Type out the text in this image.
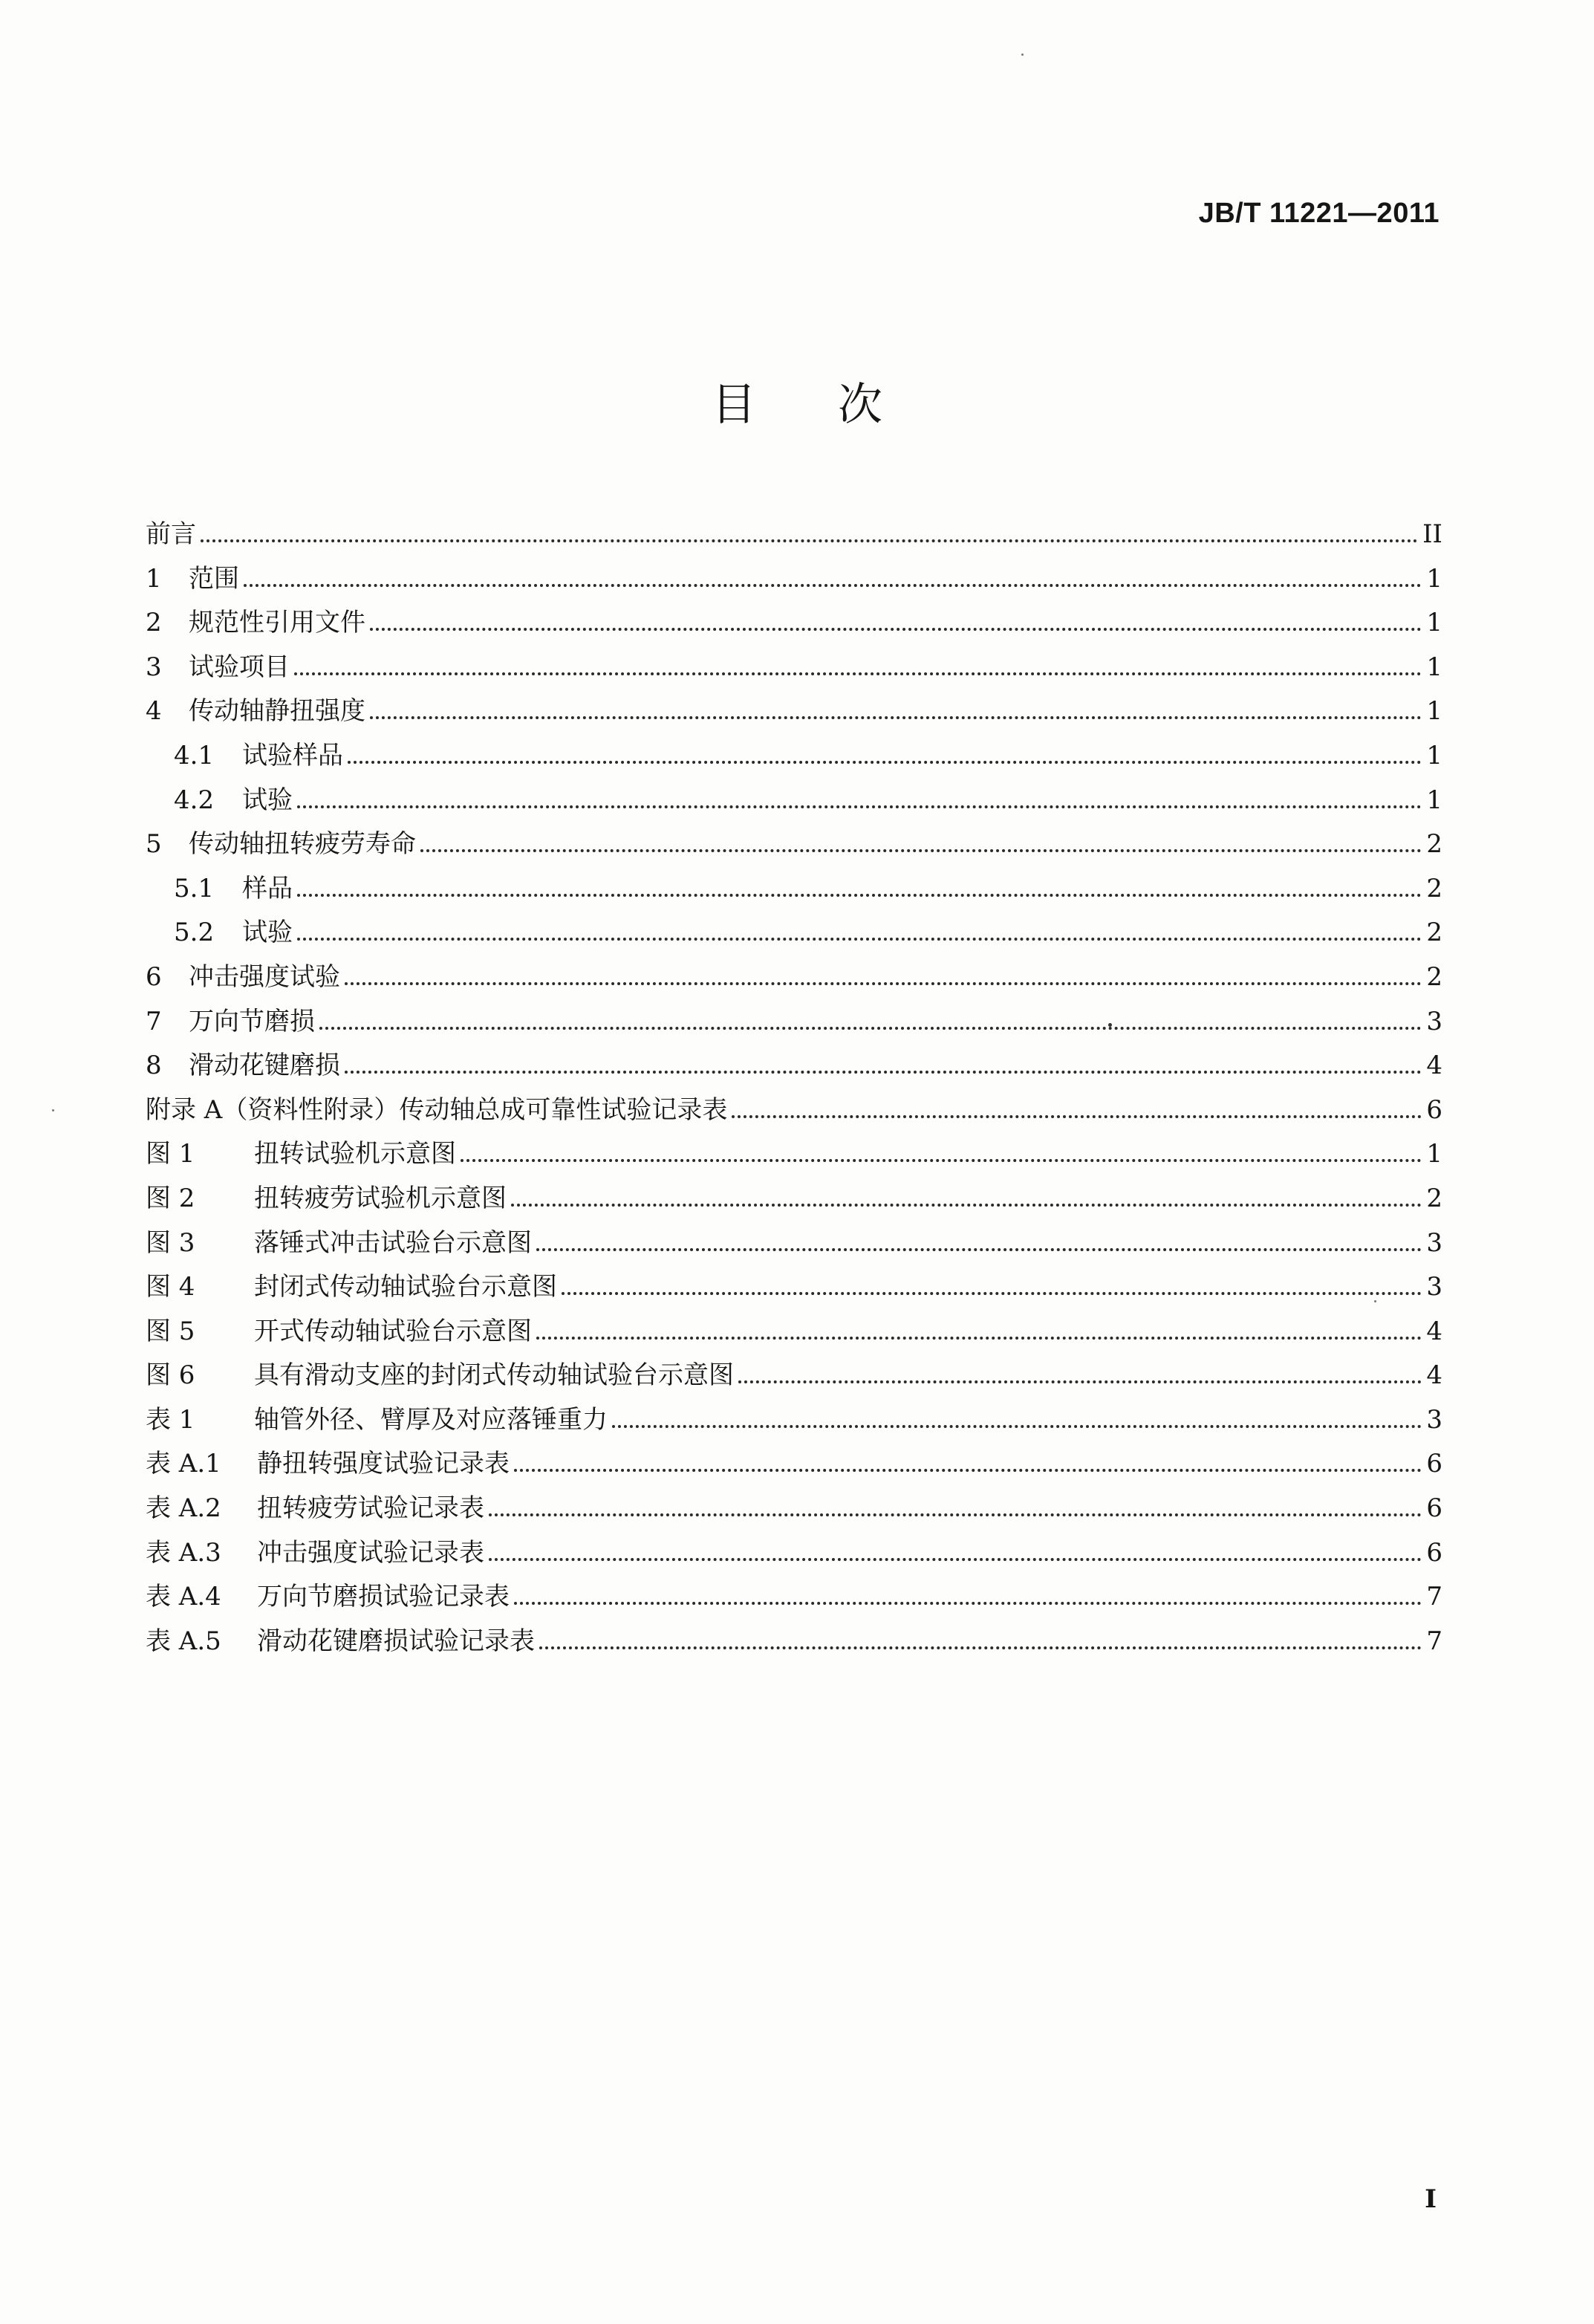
JB/T 11221—2011
目 次
前言	II
1	范围	1
2	规范性引用文件	1
3	试验项目	1
4	传动轴静扭强度	1
4.1	试验样品	1
4.2	试验	1
5	传动轴扭转疲劳寿命	2
5.1	样品	2
5.2	试验	2
6	冲击强度试验	2
7	万向节磨损	3
8	滑动花键磨损	4
附录 A（资料性附录）传动轴总成可靠性试验记录表	6
图 1	扭转试验机示意图	1
图 2	扭转疲劳试验机示意图	2
图 3	落锤式冲击试验台示意图	3
图 4	封闭式传动轴试验台示意图	3
图 5	开式传动轴试验台示意图	4
图 6	具有滑动支座的封闭式传动轴试验台示意图	4
表 1	轴管外径、臂厚及对应落锤重力	3
表 A.1	静扭转强度试验记录表	6
表 A.2	扭转疲劳试验记录表	6
表 A.3	冲击强度试验记录表	6
表 A.4	万向节磨损试验记录表	7
表 A.5	滑动花键磨损试验记录表	7
I
